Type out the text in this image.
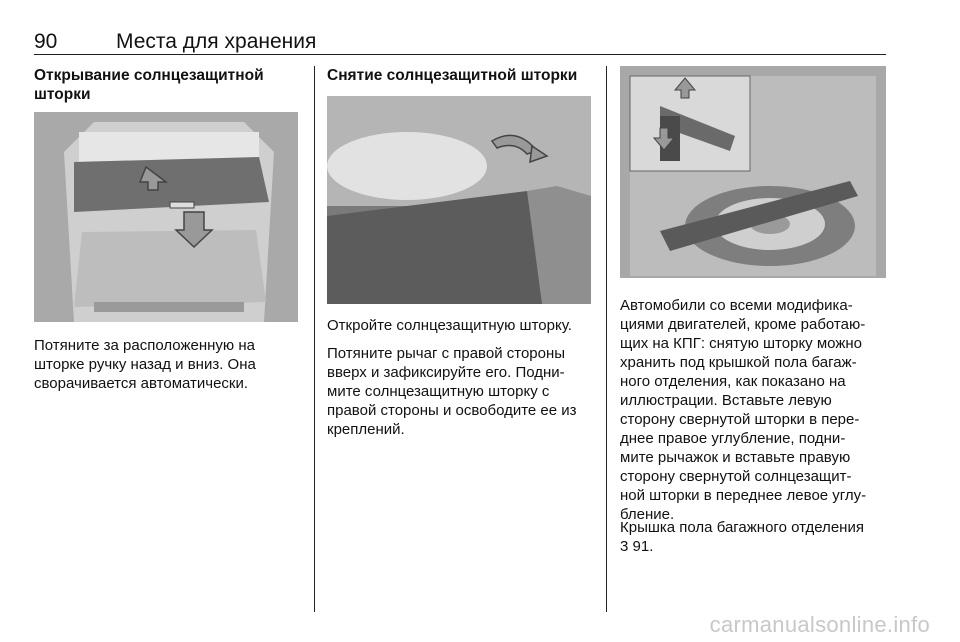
90	Места для хранения
Открывание солнцезащитной
шторки

Потяните за расположенную на

шторке ручку назад и вниз. Она

сворачивается автоматически.

Снятие солнцезащитной шторки

Откройте солнцезащитную шторку.

Потяните рычаг с правой стороны

вверх и зафиксируйте его. Подни-

мите солнцезащитную шторку с

правой стороны и освободите ее из

креплений.

Автомобили со всеми модифика-

циями двигателей, кроме работаю-

щих на КПГ: снятую шторку можно

хранить под крышкой пола багаж-

ного отделения, как показано на

иллюстрации. Вставьте левую

сторону свернутой шторки в пере-

днее правое углубление, подни-

мите рычажок и вставьте правую

сторону свернутой солнцезащит-

ной шторки в переднее левое углу-

бление.

Крышка пола багажного отделения

3 91.

carmanualsonline.info
